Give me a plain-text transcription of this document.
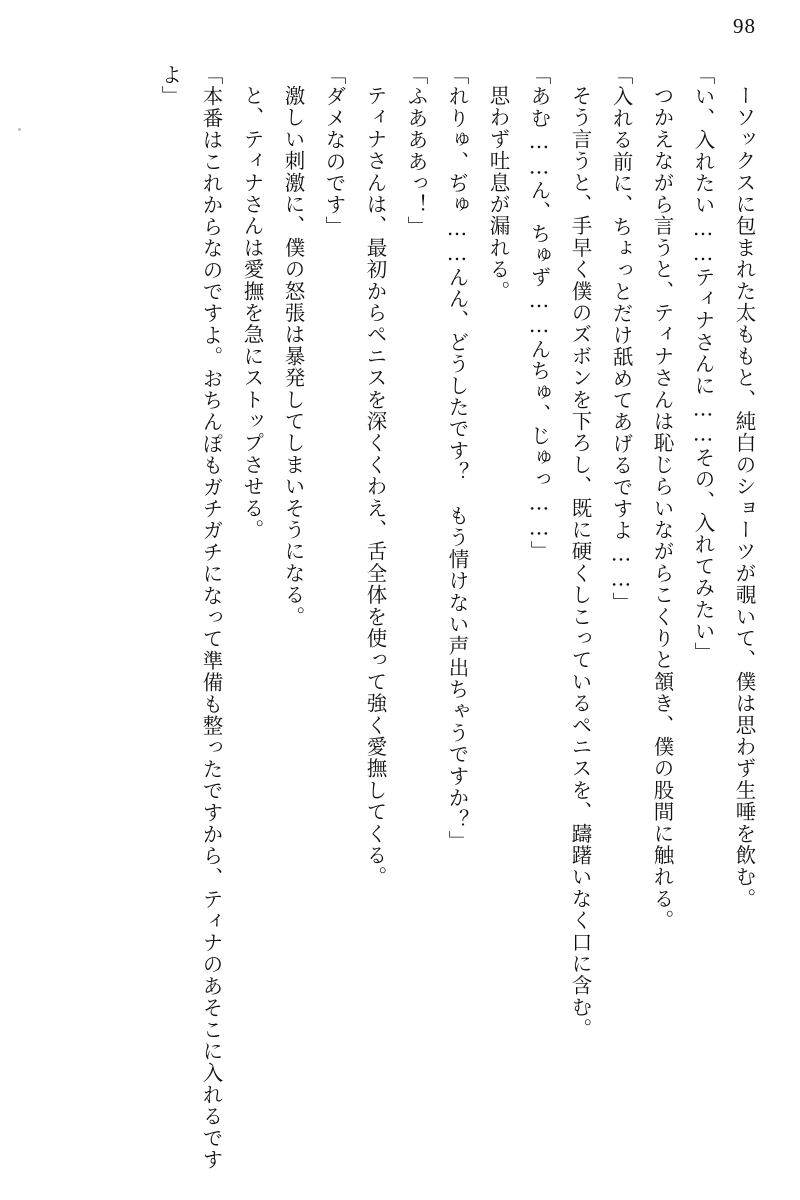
98

ーソックスに包まれた太ももと、純白のショーツが覗いて、僕は思わず生唾を飲む。

「い、入れたい……ティナさんに……その、入れてみたい」

つかえながら言うと、ティナさんは恥じらいながらこくりと頷き、僕の股間に触れる。

「入れる前に、ちょっとだけ舐めてあげるですよ……」

そう言うと、手早く僕のズボンを下ろし、既に硬くしこっているペニスを、躊躇いなく口に含む。

「あむ……ん、ちゅず……んちゅ、じゅっ……」

思わず吐息が漏れる。

「れりゅ、ぢゅ……んん、どうしたです？　もう情けない声出ちゃうですか？」

「ふあああっ！」

ティナさんは、最初からペニスを深くくわえ、舌全体を使って強く愛撫してくる。

「ダメなのです」

激しい刺激に、僕の怒張は暴発してしまいそうになる。

と、ティナさんは愛撫を急にストップさせる。

「本番はこれからなのですよ。おちんぽもガチガチになって準備も整ったですから、ティナのあそこに入れるですよ」
